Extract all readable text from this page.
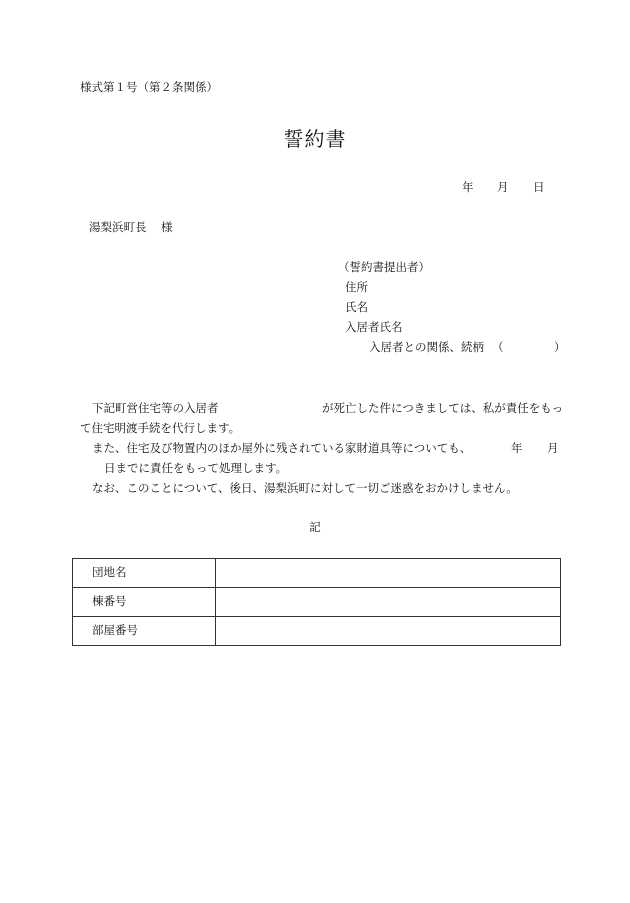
様式第１号（第２条関係）
誓約書
年 月 日
湯梨浜町長 様
（誓約書提出者）
住所
氏名
入居者氏名
入居者との関係、続柄 （	）
下記町営住宅等の入居者	が死亡した件につきましては、私が責任をもっ
て住宅明渡手続を代行します。
また、住宅及び物置内のほか屋外に残されている家財道具等についても、	年 月
日までに責任をもって処理します。
なお、このことについて、後日、湯梨浜町に対して一切ご迷惑をおかけしません。
記
団地名	
棟番号	
部屋番号	
